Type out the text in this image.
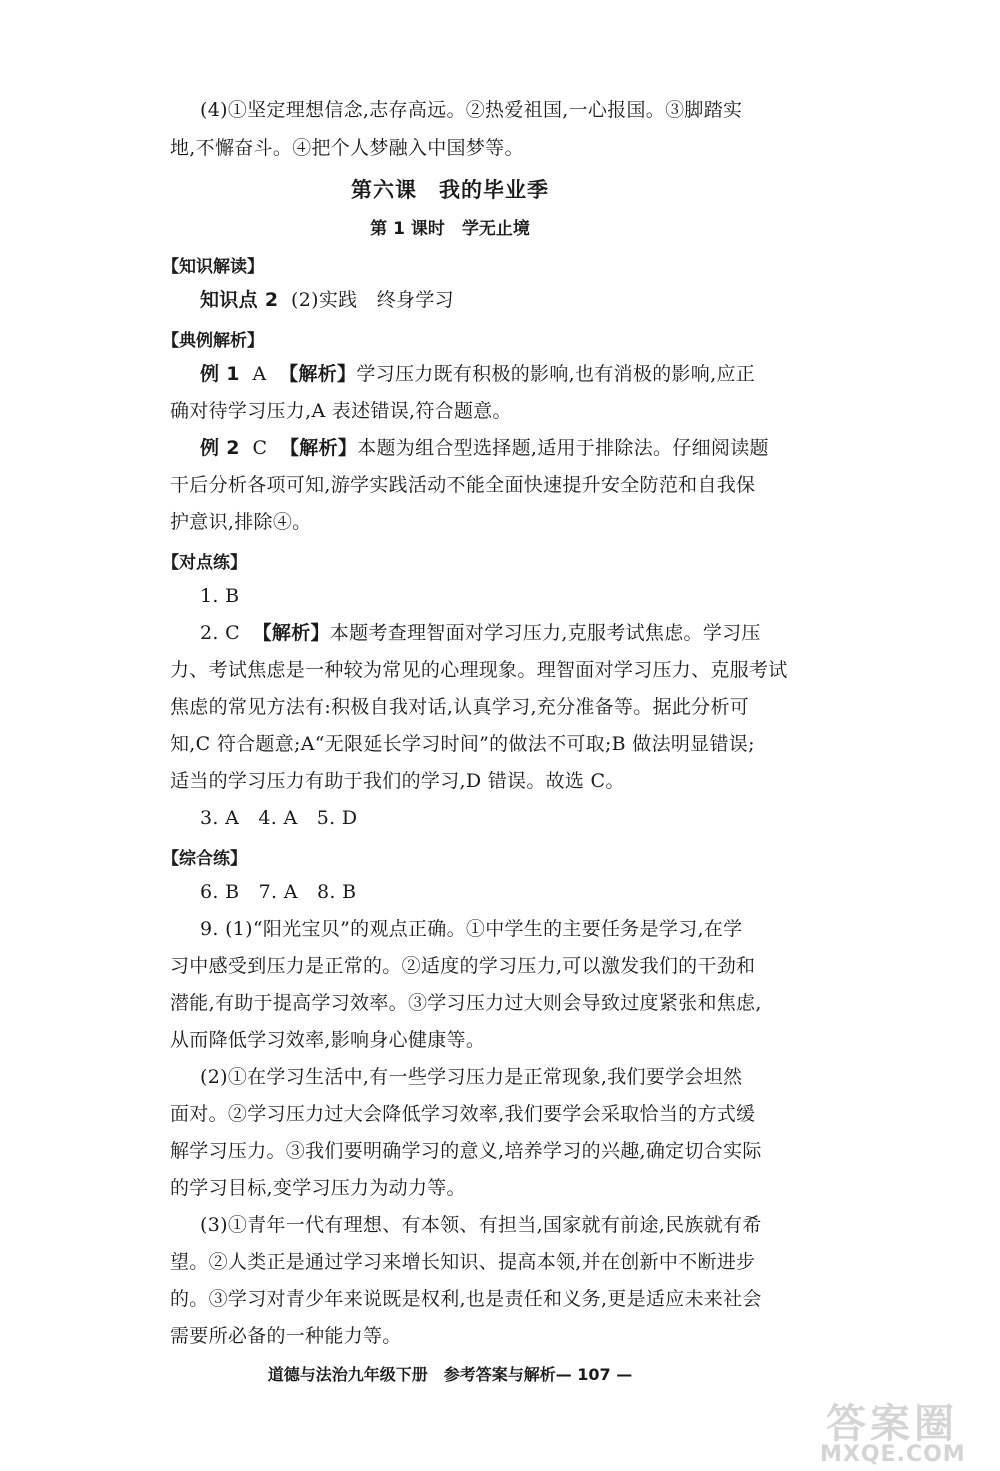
(4)①坚定理想信念,志存高远。②热爱祖国,一心报国。③脚踏实
地,不懈奋斗。④把个人梦融入中国梦等。
第六课　我的毕业季
第 1 课时　学无止境
【知识解读】
知识点 2 (2)实践　终身学习
【典例解析】
例 1 A 【解析】学习压力既有积极的影响,也有消极的影响,应正
确对待学习压力,A 表述错误,符合题意。
例 2 C 【解析】本题为组合型选择题,适用于排除法。仔细阅读题
干后分析各项可知,游学实践活动不能全面快速提升安全防范和自我保
护意识,排除④。
【对点练】
1. B
2. C 【解析】本题考查理智面对学习压力,克服考试焦虑。学习压
力、考试焦虑是一种较为常见的心理现象。理智面对学习压力、克服考试
焦虑的常见方法有:积极自我对话,认真学习,充分准备等。据此分析可
知,C 符合题意;A“无限延长学习时间”的做法不可取;B 做法明显错误;
适当的学习压力有助于我们的学习,D 错误。故选 C。
3. A　4. A　5. D
【综合练】
6. B　7. A　8. B
9. (1)“阳光宝贝”的观点正确。①中学生的主要任务是学习,在学
习中感受到压力是正常的。②适度的学习压力,可以激发我们的干劲和
潜能,有助于提高学习效率。③学习压力过大则会导致过度紧张和焦虑,
从而降低学习效率,影响身心健康等。
(2)①在学习生活中,有一些学习压力是正常现象,我们要学会坦然
面对。②学习压力过大会降低学习效率,我们要学会采取恰当的方式缓
解学习压力。③我们要明确学习的意义,培养学习的兴趣,确定切合实际
的学习目标,变学习压力为动力等。
(3)①青年一代有理想、有本领、有担当,国家就有前途,民族就有希
望。②人类正是通过学习来增长知识、提高本领,并在创新中不断进步
的。③学习对青少年来说既是权利,也是责任和义务,更是适应未来社会
需要所必备的一种能力等。
道德与法治九年级下册　参考答案与解析— 107 —
答案圈
MXQE.COM
